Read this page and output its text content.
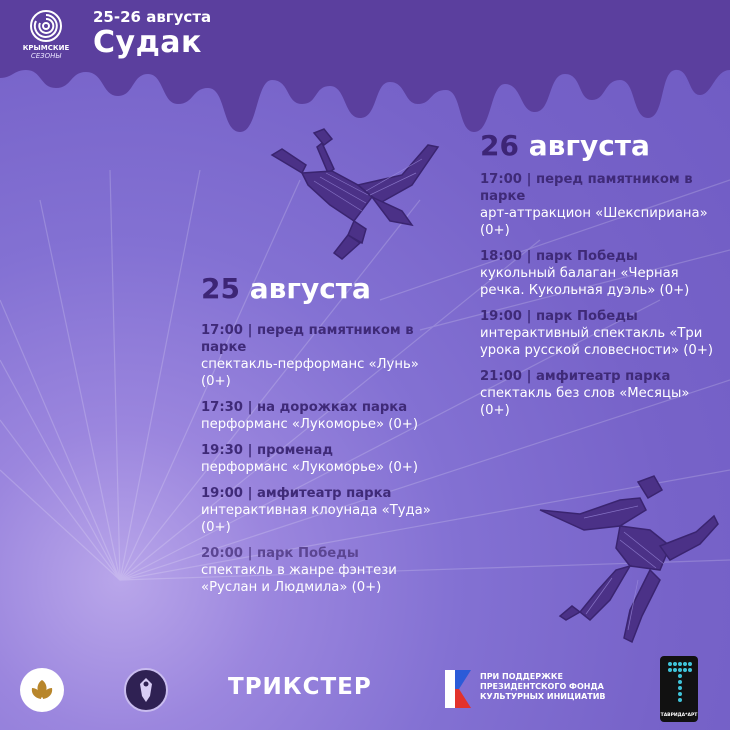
КРЫМСКИЕ
СЕЗОНЫ
25-26 августа
Судак
25 августа
17:00 | перед памятником в парке
спектакль-перформанс «Лунь» (0+)
17:30 | на дорожках парка
перформанс «Лукоморье» (0+)
19:30 | променад
перформанс «Лукоморье» (0+)
19:00 | амфитеатр парка
интерактивная клоунада «Туда» (0+)
20:00 | парк Победы
спектакль в жанре фэнтези «Руслан и Людмила» (0+)
26 августа
17:00 | перед памятником в парке
арт-аттракцион «Шекспириана» (0+)
18:00 | парк Победы
кукольный балаган «Черная речка. Кукольная дуэль» (0+)
19:00 | парк Победы
интерактивный спектакль «Три урока русской словесности» (0+)
21:00 | амфитеатр парка
спектакль без слов «Месяцы» (0+)
ТРИКСТЕР	ПРИ ПОДДЕРЖКЕ
ПРЕЗИДЕНТСКОГО ФОНДА
КУЛЬТУРНЫХ ИНИЦИАТИВ
ТАВРИДА*АРТ
